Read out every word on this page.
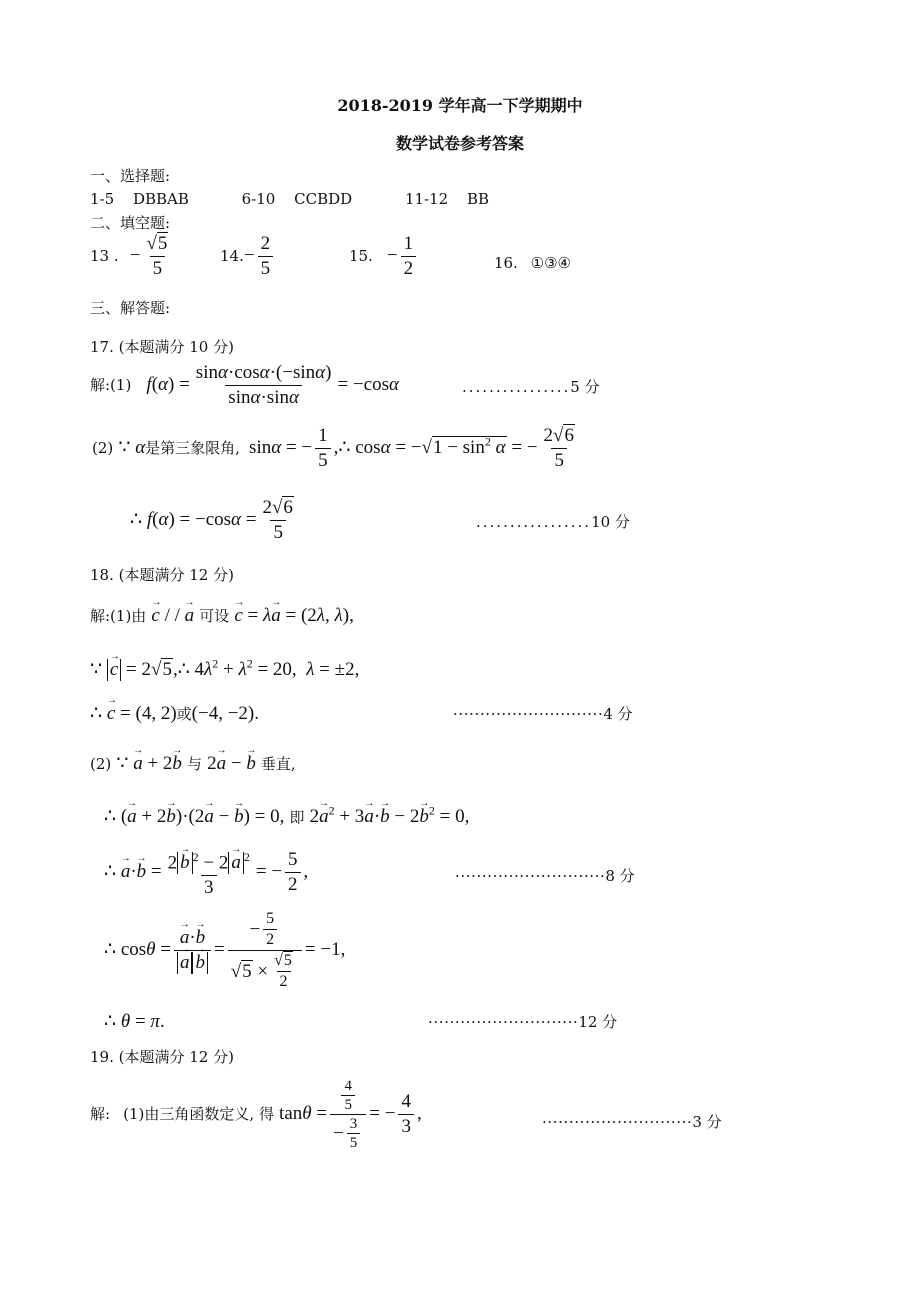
2018-2019 学年高一下学期期中
数学试卷参考答案
一、选择题:
1-5 DBBAB	6-10 CCBDD	11-12 BB
二、填空题:
13 . − $\frac{√5}{5}$	$14.- \frac{2}{5}$	15. − $\frac{1}{2}$	16. ①③④
三、解答题:
17. (本题满分 10 分)
解:(1) $f(\alpha) = \frac{\sin\alpha\cdot\cos\alpha\cdot(-\sin\alpha)}{\sin\alpha\cdot\sin\alpha} = -\cos\alpha$	................5 分
(2) ∵ α是第三象限角, sinα = − $\frac{1}{5}$ ,∴ $\cos\alpha = -√1 - \sin^2 \alpha$ = − $\frac{2√6}{5}$
∴ $f(\alpha) = -\cos\alpha = \frac{2√6}{5}$	.................10 分
18. (本题满分 12 分)
解:(1)由 → c / / → a 可设 → c = λ→ a = (2λ, λ),
∵ → c = 2√5,∴ $4\lambda^2 + \lambda^2 = 20$,  λ = ±2,
∴ → c = (4, 2)或(−4, −2).	····························4 分
(2) ∵ → a + 2→ b 与 2→ a − → b 垂直,
∴ (→ a + 2→ b)·(2→ a − → b) = 0, 即 $2\to a^2 + 3\to a\cdot\to b - 2\to b^2 = 0$,
∴ → $a\cdot\to b = \frac{2 \to b ^2 - 2 \to a ^2}{3}$ = − $\frac{5}{2}$ ,	····························8 分
∴ cosθ = → a·→ b
→ $a \to b = \frac{- \frac{5}{2}}{√5 \times \frac{√5}{2}} = -1$,
∴ θ = π.	····························12 分
19. (本题满分 12 分)
解: (1)由三角函数定义, 得 $\tan\theta = \frac{\frac{4}{5}}{- \frac{3}{5}}$ = − $\frac{4}{3}$ ,	····························3 分
